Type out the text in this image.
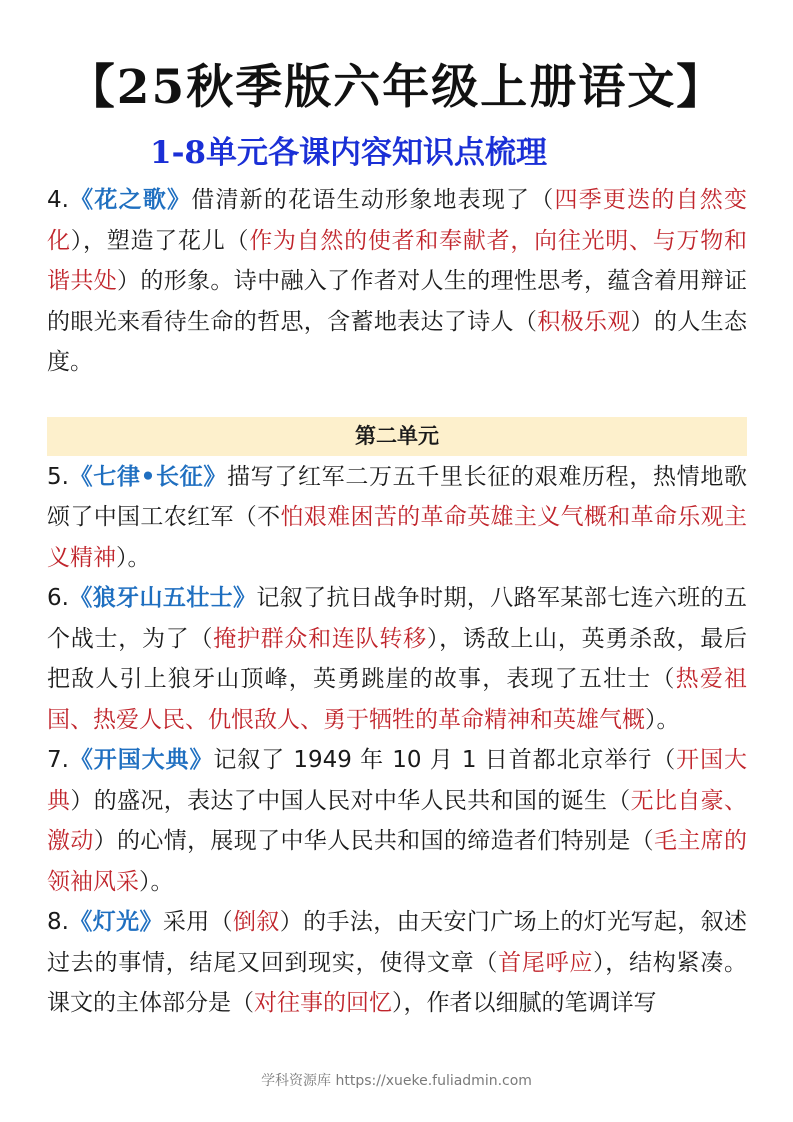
【25秋季版六年级上册语文】
1-8单元各课内容知识点梳理

4.《花之歌》借清新的花语生动形象地表现了（四季更迭的自然变化），塑造了花儿（作为自然的使者和奉献者，向往光明、与万物和谐共处）的形象。诗中融入了作者对人生的理性思考，蕴含着用辩证的眼光来看待生命的哲思，含蓄地表达了诗人（积极乐观）的人生态度。

第二单元

5.《七律•长征》描写了红军二万五千里长征的艰难历程，热情地歌颂了中国工农红军（不怕艰难困苦的革命英雄主义气概和革命乐观主义精神）。

6.《狼牙山五壮士》记叙了抗日战争时期，八路军某部七连六班的五个战士，为了（掩护群众和连队转移），诱敌上山，英勇杀敌，最后把敌人引上狼牙山顶峰，英勇跳崖的故事，表现了五壮士（热爱祖国、热爱人民、仇恨敌人、勇于牺牲的革命精神和英雄气概）。

7.《开国大典》记叙了 1949 年 10 月 1 日首都北京举行（开国大典）的盛况，表达了中国人民对中华人民共和国的诞生（无比自豪、激动）的心情，展现了中华人民共和国的缔造者们特别是（毛主席的领袖风采）。

8.《灯光》采用（倒叙）的手法，由天安门广场上的灯光写起，叙述过去的事情，结尾又回到现实，使得文章（首尾呼应），结构紧凑。课文的主体部分是（对往事的回忆），作者以细腻的笔调详写

学科资源库 https://xueke.fuliadmin.com
